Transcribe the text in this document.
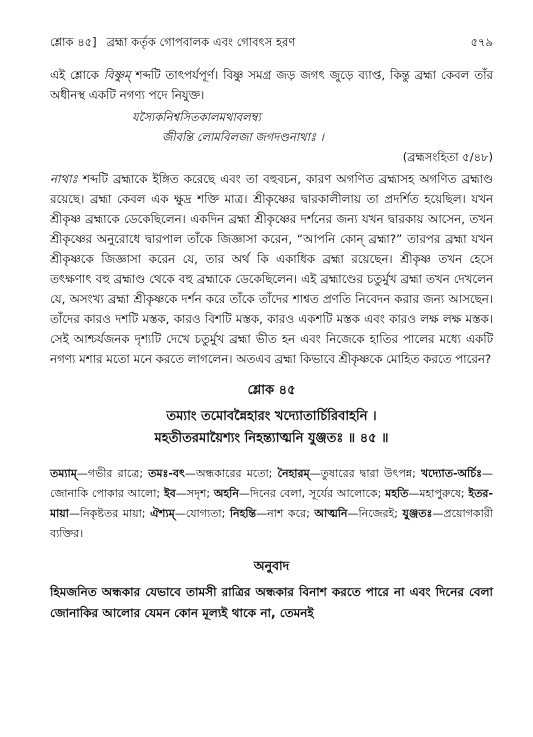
শ্লোক ৪৫] ব্রহ্মা কর্তৃক গোপবালক এবং গোবৎস হরণ	৫৭৯

এই শ্লোকে বিষ্ণুম্ শব্দটি তাৎপর্যপূর্ণ। বিষ্ণু সমগ্র জড় জগৎ জুড়ে ব্যাপ্ত, কিন্তু ব্রহ্মা কেবল তাঁর অধীনস্থ একটি নগণ্য পদে নিযুক্ত।

যস্যৈকনিশ্বসিতকালমথাবলম্ব্য
জীবন্তি লোমবিলজা জগদণ্ডনাথাঃ ।

(ব্রহ্মসংহিতা ৫/৪৮)

নাথাঃ শব্দটি ব্রহ্মাকে ইঙ্গিত করেছে এবং তা বহুবচন, কারণ অগণিত ব্রহ্মাসহ অগণিত ব্রহ্মাণ্ড রয়েছে। ব্রহ্মা কেবল এক ক্ষুদ্র শক্তি মাত্র। শ্রীকৃষ্ণের দ্বারকালীলায় তা প্রদর্শিত হয়েছিল। যখন শ্রীকৃষ্ণ ব্রহ্মাকে ডেকেছিলেন। একদিন ব্রহ্মা শ্রীকৃষ্ণের দর্শনের জন্য যখন দ্বারকায় আসেন, তখন শ্রীকৃষ্ণের অনুরোধে দ্বারপাল তাঁকে জিজ্ঞাসা করেন, “আপনি কোন্ ব্রহ্মা?” তারপর ব্রহ্মা যখন শ্রীকৃষ্ণকে জিজ্ঞাসা করেন যে, তার অর্থ কি একাধিক ব্রহ্মা রয়েছেন। শ্রীকৃষ্ণ তখন হেসে তৎক্ষণাৎ বহু ব্রহ্মাণ্ড থেকে বহু ব্রহ্মাকে ডেকেছিলেন। এই ব্রহ্মাণ্ডের চতুর্মুখ ব্রহ্মা তখন দেখলেন যে, অসংখ্য ব্রহ্মা শ্রীকৃষ্ণকে দর্শন করে তাঁকে তাঁদের শাশ্বত প্রণতি নিবেদন করার জন্য আসছেন। তাঁদের কারও দশটি মস্তক, কারও বিশটি মস্তক, কারও একশটি মস্তক এবং কারও লক্ষ লক্ষ মস্তক। সেই আশ্চর্যজনক দৃশ্যটি দেখে চতুর্মুখ ব্রহ্মা ভীত হন এবং নিজেকে হাতির পালের মধ্যে একটি নগণ্য মশার মতো মনে করতে লাগলেন। অতএব ব্রহ্মা কিভাবে শ্রীকৃষ্ণকে মোহিত করতে পারেন?

শ্লোক ৪৫

তম্যাং তমোবন্নৈহারং খদ্যোতার্চিরিবাহনি ।

মহতীতরমায়ৈশ্যং নিহন্ত্যাত্মনি যুঞ্জতঃ ॥ ৪৫ ॥

তম্যাম্—গভীর রাত্রে; তমঃ-বৎ—অন্ধকারের মতো; নৈহারম্—তুষারের দ্বারা উৎপন্ন; খদ্যোত-অর্চিঃ—জোনাকি পোকার আলো; ইব—সদৃশ; অহনি—দিনের বেলা, সূর্যের আলোকে; মহতি—মহাপুরুষে; ইতর-মায়া—নিকৃষ্টতর মায়া; ঐশ্যম্—যোগ্যতা; নিহন্তি—নাশ করে; আত্মনি—নিজেরই; যুঞ্জতঃ—প্রয়োগকারী ব্যক্তির।

অনুবাদ

হিমজনিত অন্ধকার যেভাবে তামসী রাত্রির অন্ধকার বিনাশ করতে পারে না এবং দিনের বেলা জোনাকির আলোর যেমন কোন মূল্যই থাকে না, তেমনই
